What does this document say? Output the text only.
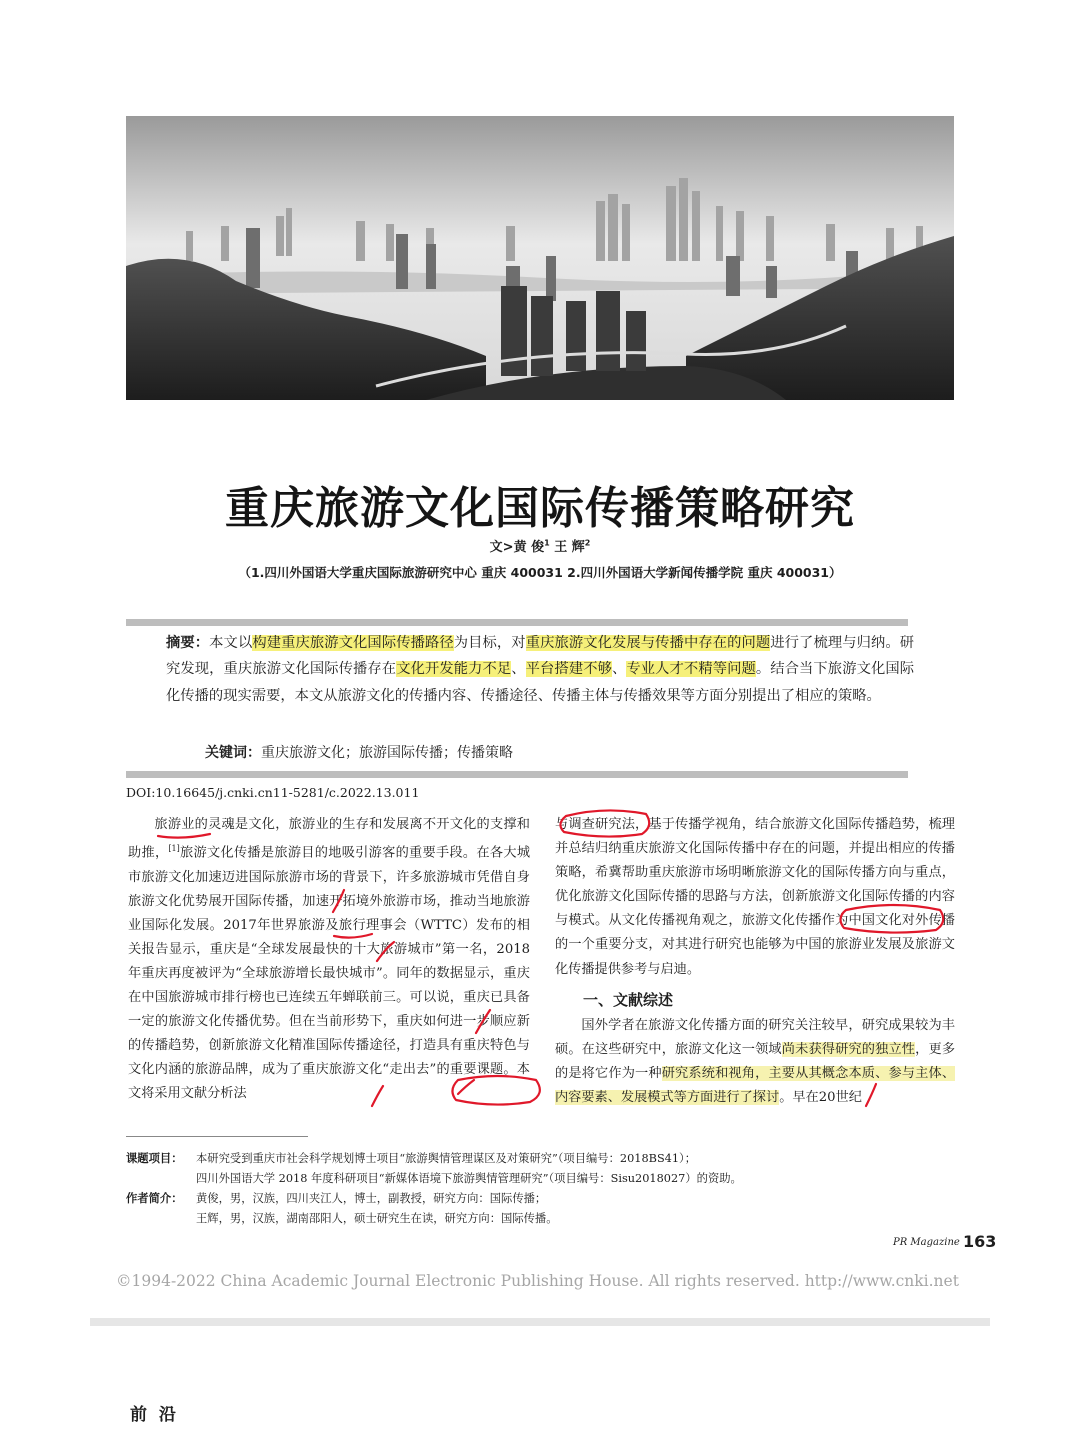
重庆旅游文化国际传播策略研究
文>黄 俊$^1$ 王 辉$^2$
（1.四川外国语大学重庆国际旅游研究中心 重庆 400031 2.四川外国语大学新闻传播学院 重庆 400031）
摘要：本文以构建重庆旅游文化国际传播路径为目标，对重庆旅游文化发展与传播中存在的问题进行了梳理与归纳。研究发现，重庆旅游文化国际传播存在文化开发能力不足、平台搭建不够、专业人才不精等问题。结合当下旅游文化国际化传播的现实需要，本文从旅游文化的传播内容、传播途径、传播主体与传播效果等方面分别提出了相应的策略。
关键词：重庆旅游文化；旅游国际传播；传播策略
DOI:10.16645/j.cnki.cn11-5281/c.2022.13.011

旅游业的灵魂是文化，旅游业的生存和发展离不开文化的支撑和助推，[1]旅游文化传播是旅游目的地吸引游客的重要手段。在各大城市旅游文化加速迈进国际旅游市场的背景下，许多旅游城市凭借自身旅游文化优势展开国际传播，加速开拓境外旅游市场，推动当地旅游业国际化发展。2017年世界旅游及旅行理事会（WTTC）发布的相关报告显示，重庆是“全球发展最快的十大旅游城市”第一名，2018年重庆再度被评为“全球旅游增长最快城市”。同年的数据显示，重庆在中国旅游城市排行榜也已连续五年蝉联前三。可以说，重庆已具备一定的旅游文化传播优势。但在当前形势下，重庆如何进一步顺应新的传播趋势，创新旅游文化精准国际传播途径，打造具有重庆特色与文化内涵的旅游品牌，成为了重庆旅游文化“走出去”的重要课题。本文将采用文献分析法

与调查研究法，基于传播学视角，结合旅游文化国际传播趋势，梳理并总结归纳重庆旅游文化国际传播中存在的问题，并提出相应的传播策略，希冀帮助重庆旅游市场明晰旅游文化的国际传播方向与重点，优化旅游文化国际传播的思路与方法，创新旅游文化国际传播的内容与模式。从文化传播视角观之，旅游文化传播作为中国文化对外传播的一个重要分支，对其进行研究也能够为中国的旅游业发展及旅游文化传播提供参考与启迪。

一、文献综述

国外学者在旅游文化传播方面的研究关注较早，研究成果较为丰硕。在这些研究中，旅游文化这一领域尚未获得研究的独立性，更多的是将它作为一种研究系统和视角，主要从其概念本质、参与主体、内容要素、发展模式等方面进行了探讨。早在20世纪

课题项目：	本研究受到重庆市社会科学规划博士项目“旅游舆情管理谋区及对策研究”（项目编号：2018BS41）；
四川外国语大学 2018 年度科研项目“新媒体语境下旅游舆情管理研究”（项目编号：Sisu2018027）的资助。
作者简介：	黄俊，男，汉族，四川夹江人，博士，副教授，研究方向：国际传播；
王辉，男，汉族，湖南邵阳人，硕士研究生在读，研究方向：国际传播。
PR Magazine 163
©1994-2022 China Academic Journal Electronic Publishing House. All rights reserved. http://www.cnki.net
前 沿
